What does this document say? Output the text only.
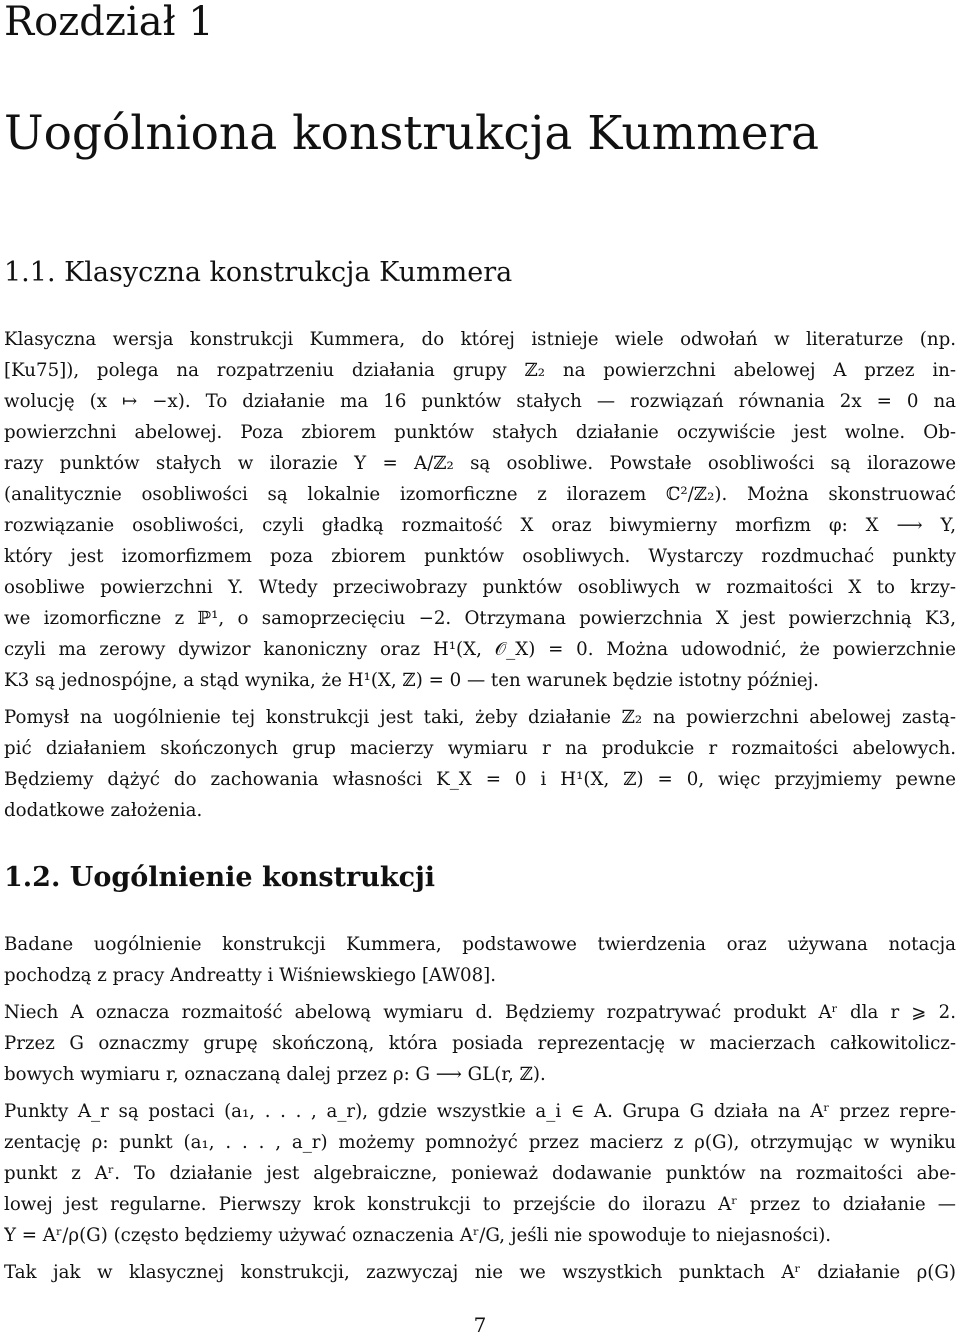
Rozdział 1
Uogólniona konstrukcja Kummera
1.1. Klasyczna konstrukcja Kummera
Klasyczna wersja konstrukcji Kummera, do której istnieje wiele odwołań w literaturze (np.
[Ku75]), polega na rozpatrzeniu działania grupy ℤ₂ na powierzchni abelowej A przez in-
wolucję (x ↦ −x). To działanie ma 16 punktów stałych — rozwiązań równania 2x = 0 na
powierzchni abelowej. Poza zbiorem punktów stałych działanie oczywiście jest wolne. Ob-
razy punktów stałych w ilorazie Y = A/ℤ₂ są osobliwe. Powstałe osobliwości są ilorazowe
(analitycznie osobliwości są lokalnie izomorficzne z ilorazem ℂ²/ℤ₂). Można skonstruować
rozwiązanie osobliwości, czyli gładką rozmaitość X oraz biwymierny morfizm φ: X ⟶ Y,
który jest izomorfizmem poza zbiorem punktów osobliwych. Wystarczy rozdmuchać punkty
osobliwe powierzchni Y. Wtedy przeciwobrazy punktów osobliwych w rozmaitości X to krzy-
we izomorficzne z ℙ¹, o samoprzecięciu −2. Otrzymana powierzchnia X jest powierzchnią K3,
czyli ma zerowy dywizor kanoniczny oraz H¹(X, 𝒪_X) = 0. Można udowodnić, że powierzchnie
K3 są jednospójne, a stąd wynika, że H¹(X, ℤ) = 0 — ten warunek będzie istotny później.
Pomysł na uogólnienie tej konstrukcji jest taki, żeby działanie ℤ₂ na powierzchni abelowej zastą-
pić działaniem skończonych grup macierzy wymiaru r na produkcie r rozmaitości abelowych.
Będziemy dążyć do zachowania własności K_X = 0 i H¹(X, ℤ) = 0, więc przyjmiemy pewne
dodatkowe założenia.
1.2. Uogólnienie konstrukcji
Badane uogólnienie konstrukcji Kummera, podstawowe twierdzenia oraz używana notacja
pochodzą z pracy Andreatty i Wiśniewskiego [AW08].
Niech A oznacza rozmaitość abelową wymiaru d. Będziemy rozpatrywać produkt Aʳ dla r ⩾ 2.
Przez G oznaczmy grupę skończoną, która posiada reprezentację w macierzach całkowitolicz-
bowych wymiaru r, oznaczaną dalej przez ρ: G ⟶ GL(r, ℤ).
Punkty A_r są postaci (a₁, . . . , a_r), gdzie wszystkie a_i ∈ A. Grupa G działa na Aʳ przez repre-
zentację ρ: punkt (a₁, . . . , a_r) możemy pomnożyć przez macierz z ρ(G), otrzymując w wyniku
punkt z Aʳ. To działanie jest algebraiczne, ponieważ dodawanie punktów na rozmaitości abe-
lowej jest regularne. Pierwszy krok konstrukcji to przejście do ilorazu Aʳ przez to działanie —
Y = Aʳ/ρ(G) (często będziemy używać oznaczenia Aʳ/G, jeśli nie spowoduje to niejasności).
Tak jak w klasycznej konstrukcji, zazwyczaj nie we wszystkich punktach Aʳ działanie ρ(G)
7
